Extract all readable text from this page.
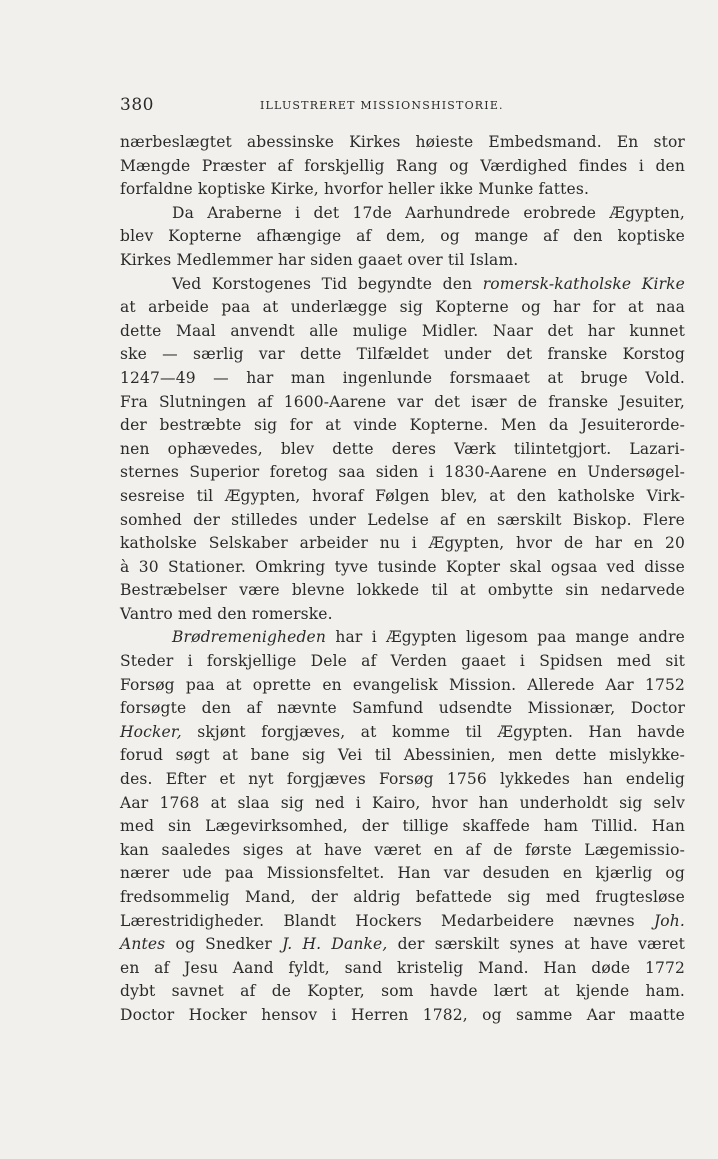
380	ILLUSTRERET MISSIONSHISTORIE.
nærbeslægtet abessinske Kirkes høieste Embedsmand. En stor
Mængde Præster af forskjellig Rang og Værdighed findes i den
forfaldne koptiske Kirke, hvorfor heller ikke Munke fattes.
Da Araberne i det 17de Aarhundrede erobrede Ægypten,
blev Kopterne afhængige af dem, og mange af den koptiske
Kirkes Medlemmer har siden gaaet over til Islam.
Ved Korstogenes Tid begyndte den romersk-katholske Kirke
at arbeide paa at underlægge sig Kopterne og har for at naa
dette Maal anvendt alle mulige Midler. Naar det har kunnet
ske — særlig var dette Tilfældet under det franske Korstog
1247—49 — har man ingenlunde forsmaaet at bruge Vold.
Fra Slutningen af 1600-Aarene var det især de franske Jesuiter,
der bestræbte sig for at vinde Kopterne. Men da Jesuiterorde-
nen ophævedes, blev dette deres Værk tilintetgjort. Lazari-
sternes Superior foretog saa siden i 1830-Aarene en Undersøgel-
sesreise til Ægypten, hvoraf Følgen blev, at den katholske Virk-
somhed der stilledes under Ledelse af en særskilt Biskop. Flere
katholske Selskaber arbeider nu i Ægypten, hvor de har en 20
à 30 Stationer. Omkring tyve tusinde Kopter skal ogsaa ved disse
Bestræbelser være blevne lokkede til at ombytte sin nedarvede
Vantro med den romerske.
Brødremenigheden har i Ægypten ligesom paa mange andre
Steder i forskjellige Dele af Verden gaaet i Spidsen med sit
Forsøg paa at oprette en evangelisk Mission. Allerede Aar 1752
forsøgte den af nævnte Samfund udsendte Missionær, Doctor
Hocker, skjønt forgjæves, at komme til Ægypten. Han havde
forud søgt at bane sig Vei til Abessinien, men dette mislykke-
des. Efter et nyt forgjæves Forsøg 1756 lykkedes han endelig
Aar 1768 at slaa sig ned i Kairo, hvor han underholdt sig selv
med sin Lægevirksomhed, der tillige skaffede ham Tillid. Han
kan saaledes siges at have været en af de første Lægemissio-
nærer ude paa Missionsfeltet. Han var desuden en kjærlig og
fredsommelig Mand, der aldrig befattede sig med frugtesløse
Lærestridigheder. Blandt Hockers Medarbeidere nævnes Joh.
Antes og Snedker J. H. Danke, der særskilt synes at have været
en af Jesu Aand fyldt, sand kristelig Mand. Han døde 1772
dybt savnet af de Kopter, som havde lært at kjende ham.
Doctor Hocker hensov i Herren 1782, og samme Aar maatte
